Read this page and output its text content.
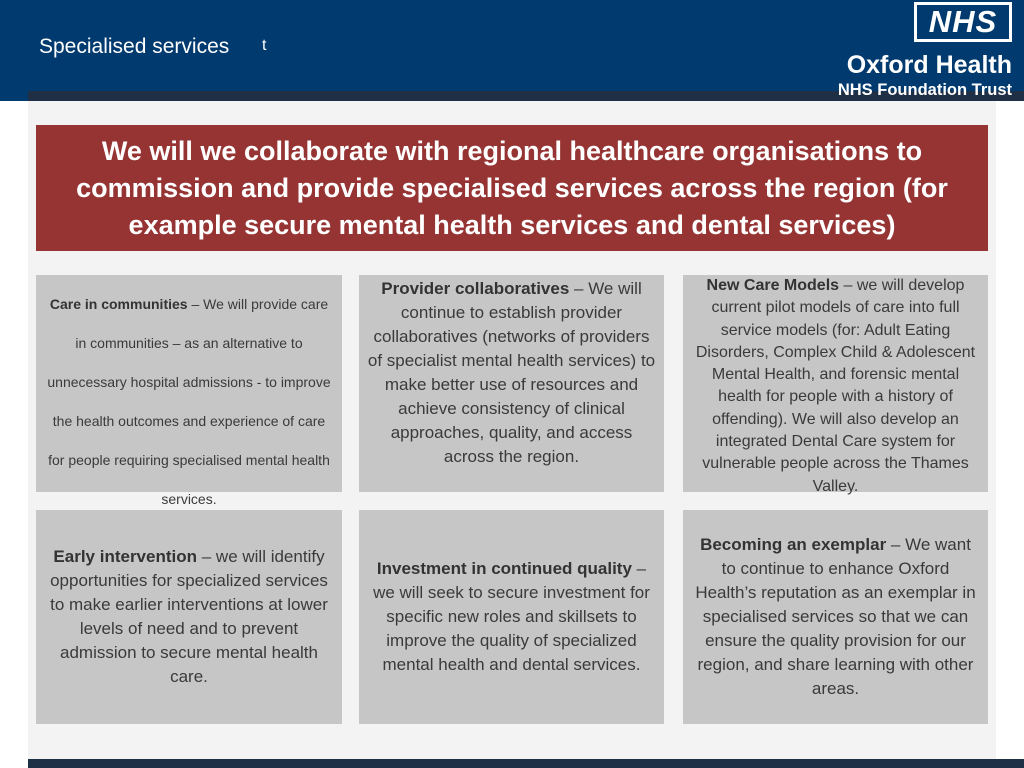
Specialised services t
NHS
Oxford Health
NHS Foundation Trust
We will we collaborate with regional healthcare organisations to commission and provide specialised services across the region (for example secure mental health services and dental services)
Care in communities – We will provide care in communities – as an alternative to unnecessary hospital admissions - to improve the health outcomes and experience of care for people requiring specialised mental health services.
Provider collaboratives – We will continue to establish provider collaboratives (networks of providers of specialist mental health services) to make better use of resources and achieve consistency of clinical approaches, quality, and access across the region.
New Care Models – we will develop current pilot models of care into full service models (for: Adult Eating Disorders, Complex Child & Adolescent Mental Health, and forensic mental health for people with a history of offending). We will also develop an integrated Dental Care system for vulnerable people across the Thames Valley.
Early intervention – we will identify opportunities for specialized services to make earlier interventions at lower levels of need and to prevent admission to secure mental health care.
Investment in continued quality – we will seek to secure investment for specific new roles and skillsets to improve the quality of specialized mental health and dental services.
Becoming an exemplar – We want to continue to enhance Oxford Health’s reputation as an exemplar in specialised services so that we can ensure the quality provision for our region, and share learning with other areas.
